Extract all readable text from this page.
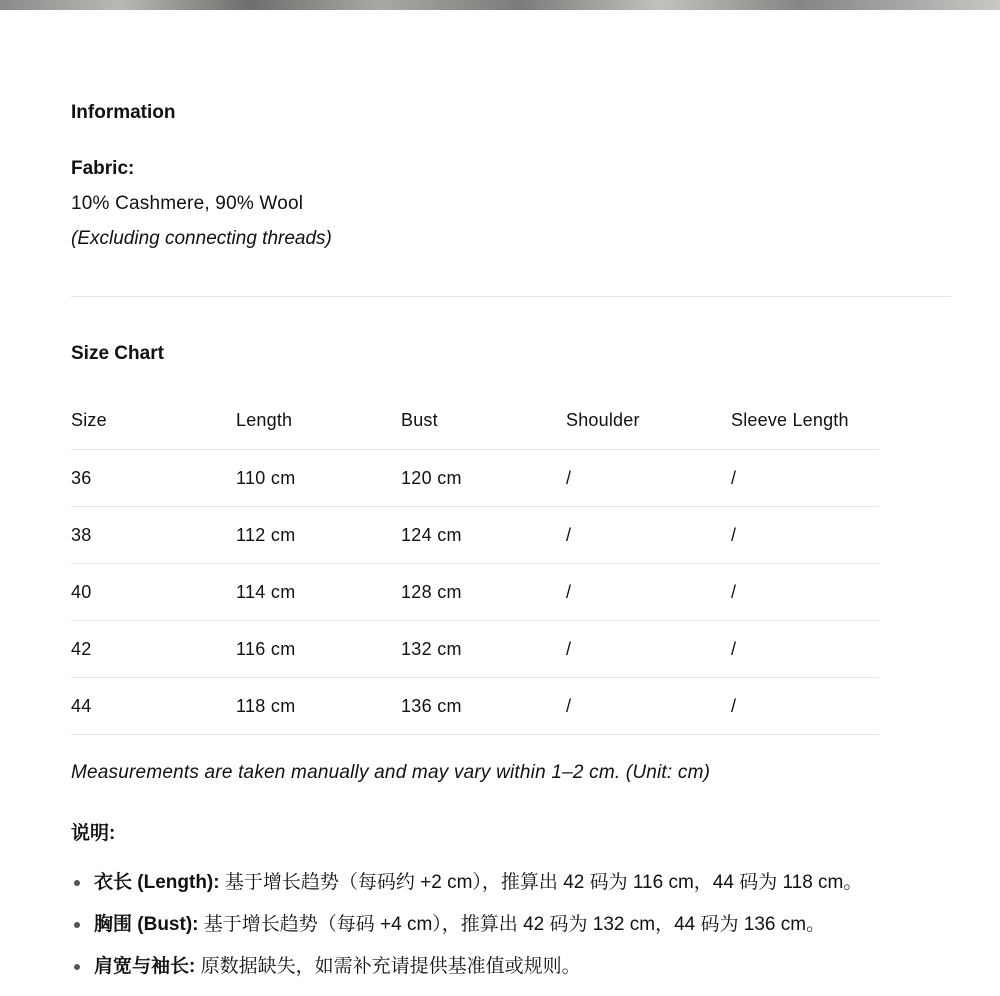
Information

Fabric:

10% Cashmere, 90% Wool

(Excluding connecting threads)

Size Chart
Size	Length	Bust	Shoulder	Sleeve Length
36	110 cm	120 cm	/	/
38	112 cm	124 cm	/	/
40	114 cm	128 cm	/	/
42	116 cm	132 cm	/	/
44	118 cm	136 cm	/	/

Measurements are taken manually and may vary within 1–2 cm. (Unit: cm)

说明:

衣长 (Length): 基于增长趋势（每码约 +2 cm），推算出 42 码为 116 cm，44 码为 118 cm。
胸围 (Bust): 基于增长趋势（每码 +4 cm），推算出 42 码为 132 cm，44 码为 136 cm。
肩宽与袖长: 原数据缺失，如需补充请提供基准值或规则。
